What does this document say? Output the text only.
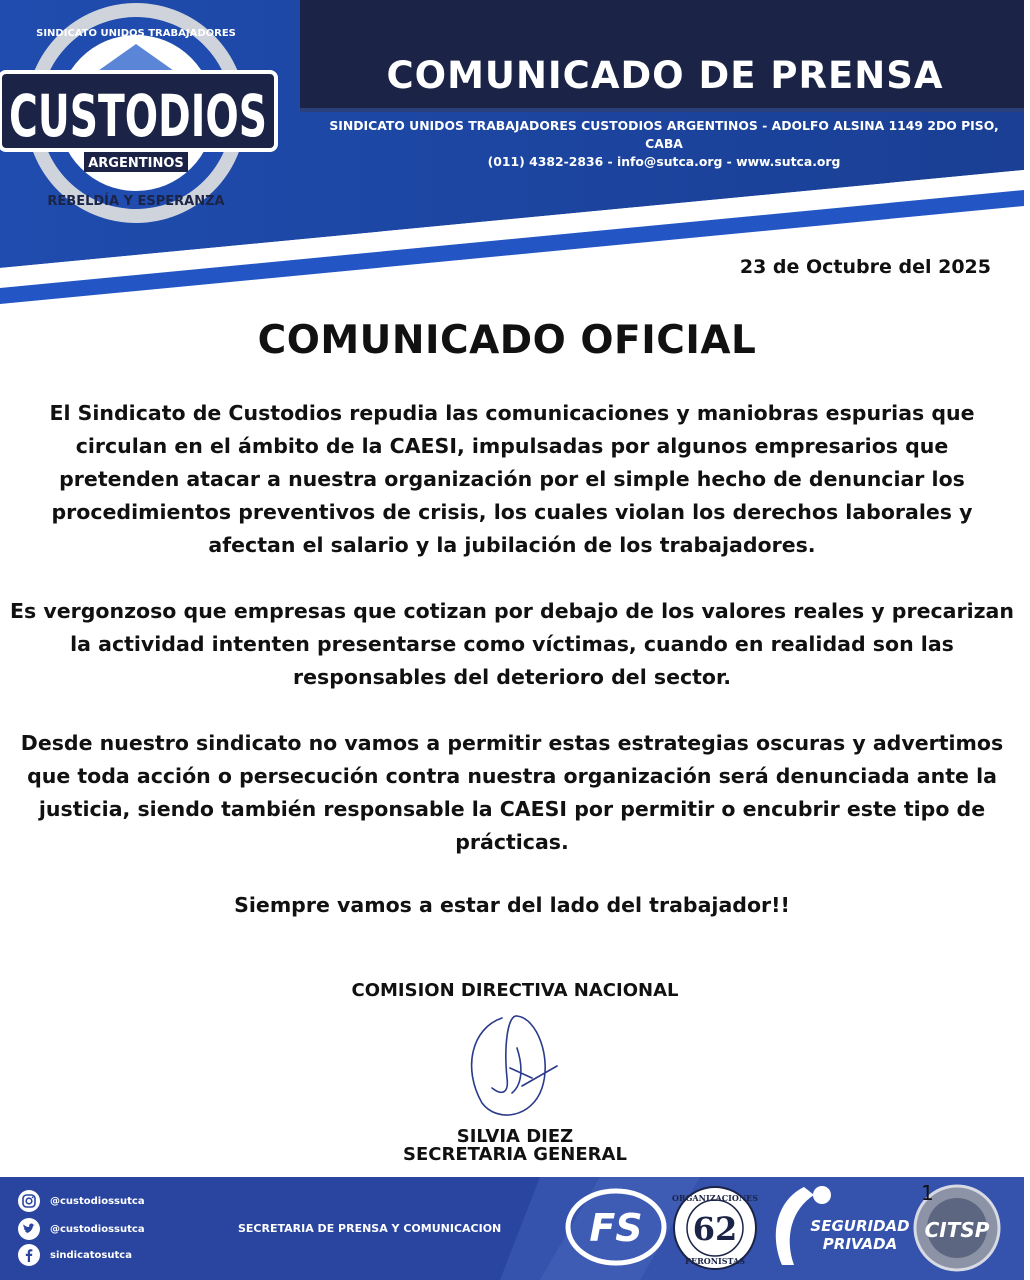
SINDICATO UNIDOS TRABAJADORES
CUSTODIOS
ARGENTINOS
REBELDÍA Y ESPERANZA
COMUNICADO DE PRENSA
SINDICATO UNIDOS TRABAJADORES CUSTODIOS ARGENTINOS - ADOLFO ALSINA 1149 2DO PISO, CABA
(011) 4382-2836 - info@sutca.org - www.sutca.org
23 de Octubre del 2025
COMUNICADO OFICIAL
El Sindicato de Custodios repudia las comunicaciones y maniobras espurias que circulan en el ámbito de la CAESI, impulsadas por algunos empresarios que pretenden atacar a nuestra organización por el simple hecho de denunciar los procedimientos preventivos de crisis, los cuales violan los derechos laborales y afectan el salario y la jubilación de los trabajadores.
Es vergonzoso que empresas que cotizan por debajo de los valores reales y precarizan la actividad intenten presentarse como víctimas, cuando en realidad son las responsables del deterioro del sector.
Desde nuestro sindicato no vamos a permitir estas estrategias oscuras y advertimos que toda acción o persecución contra nuestra organización será denunciada ante la justicia, siendo también responsable la CAESI por permitir o encubrir este tipo de prácticas.
Siempre vamos a estar del lado del trabajador!!
COMISION DIRECTIVA NACIONAL
SILVIA DIEZ
SECRETARIA GENERAL
@custodiossutca
@custodiossutca
sindicatosutca
SECRETARIA DE PRENSA Y COMUNICACION FS
ORGANIZACIONES
62
PERONISTAS
SEGURIDAD
PRIVADA
CITSP
1
